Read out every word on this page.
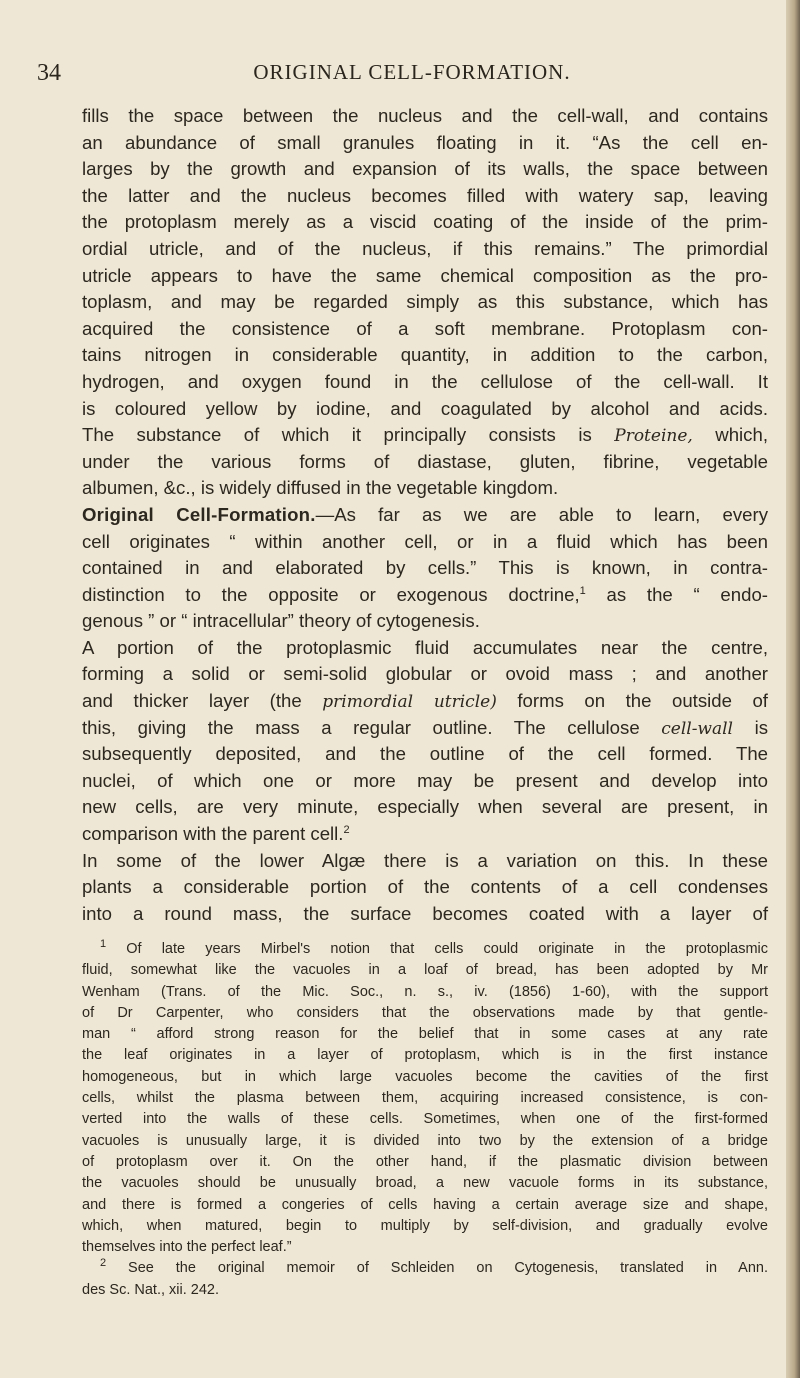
34	ORIGINAL CELL-FORMATION.
fills the space between the nucleus and the cell-wall, and contains
an abundance of small granules floating in it. “As the cell en-
larges by the growth and expansion of its walls, the space between
the latter and the nucleus becomes filled with watery sap, leaving
the protoplasm merely as a viscid coating of the inside of the prim-
ordial utricle, and of the nucleus, if this remains.” The primordial
utricle appears to have the same chemical composition as the pro-
toplasm, and may be regarded simply as this substance, which has
acquired the consistence of a soft membrane. Protoplasm con-
tains nitrogen in considerable quantity, in addition to the carbon,
hydrogen, and oxygen found in the cellulose of the cell-wall. It
is coloured yellow by iodine, and coagulated by alcohol and acids.
The substance of which it principally consists is Proteine, which,
under the various forms of diastase, gluten, fibrine, vegetable
albumen, &c., is widely diffused in the vegetable kingdom.
Original Cell-Formation.—As far as we are able to learn, every
cell originates “ within another cell, or in a fluid which has been
contained in and elaborated by cells.” This is known, in contra-
distinction to the opposite or exogenous doctrine,$^1$ as the “ endo-
genous ” or “ intracellular” theory of cytogenesis.
A portion of the protoplasmic fluid accumulates near the centre,
forming a solid or semi-solid globular or ovoid mass ; and another
and thicker layer (the primordial utricle) forms on the outside of
this, giving the mass a regular outline. The cellulose cell-wall is
subsequently deposited, and the outline of the cell formed. The
nuclei, of which one or more may be present and develop into
new cells, are very minute, especially when several are present, in
comparison with the parent cell.$^2$
In some of the lower Algæ there is a variation on this. In these
plants a considerable portion of the contents of a cell condenses
into a round mass, the surface becomes coated with a layer of
$^1$ Of late years Mirbel's notion that cells could originate in the protoplasmic
fluid, somewhat like the vacuoles in a loaf of bread, has been adopted by Mr
Wenham (Trans. of the Mic. Soc., n. s., iv. (1856) 1-60), with the support
of Dr Carpenter, who considers that the observations made by that gentle-
man “ afford strong reason for the belief that in some cases at any rate
the leaf originates in a layer of protoplasm, which is in the first instance
homogeneous, but in which large vacuoles become the cavities of the first
cells, whilst the plasma between them, acquiring increased consistence, is con-
verted into the walls of these cells. Sometimes, when one of the first-formed
vacuoles is unusually large, it is divided into two by the extension of a bridge
of protoplasm over it. On the other hand, if the plasmatic division between
the vacuoles should be unusually broad, a new vacuole forms in its substance,
and there is formed a congeries of cells having a certain average size and shape,
which, when matured, begin to multiply by self-division, and gradually evolve
themselves into the perfect leaf.”
$^2$ See the original memoir of Schleiden on Cytogenesis, translated in Ann.
des Sc. Nat., xii. 242.
